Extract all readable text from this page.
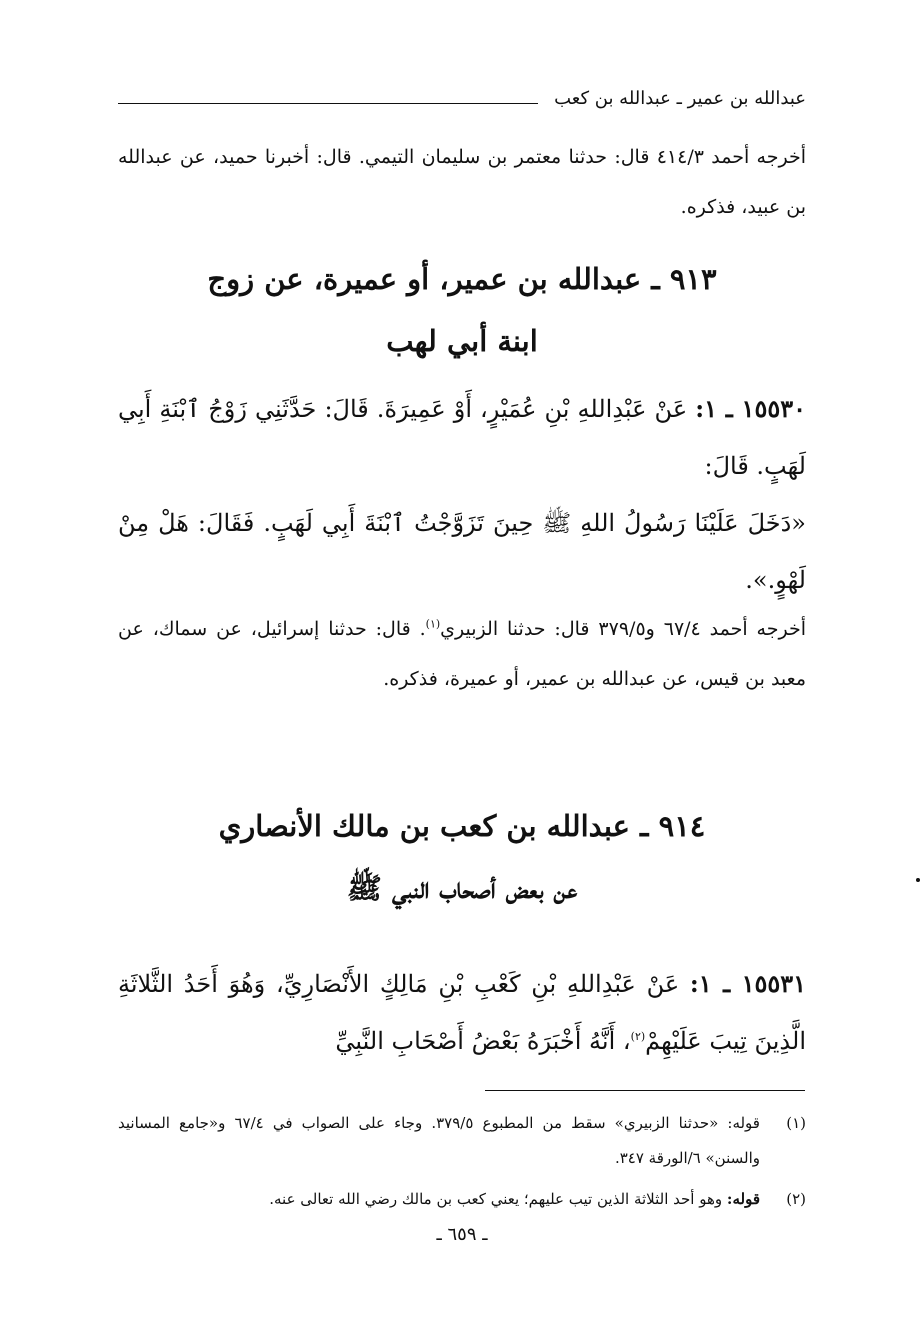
عبدالله بن عمير ـ عبدالله بن كعب

أخرجه أحمد ٤١٤/٣ قال: حدثنا معتمر بن سليمان التيمي. قال: أخبرنا حميد، عن عبدالله بن عبيد، فذكره.

٩١٣ ـ عبدالله بن عمير، أو عميرة، عن زوج
ابنة أبي لهب
١٥٥٣٠ ـ ١: عَنْ عَبْدِاللهِ بْنِ عُمَيْرٍ، أَوْ عَمِيرَةَ. قَالَ: حَدَّثَنِي زَوْجُ ٱبْنَةِ أَبِي لَهَبٍ. قَالَ:
«دَخَلَ عَلَيْنَا رَسُولُ اللهِ ﷺ حِينَ تَزَوَّجْتُ ٱبْنَةَ أَبِي لَهَبٍ. فَقَالَ: هَلْ مِنْ لَهْوٍ.».

أخرجه أحمد ٦٧/٤ و٣٧٩/٥ قال: حدثنا الزبيري$^{(١)}$. قال: حدثنا إسرائيل، عن سماك، عن معبد بن قيس، عن عبدالله بن عمير، أو عميرة، فذكره.

٩١٤ ـ عبدالله بن كعب بن مالك الأنصاري
عن بعض أصحاب النبي ﷺ
١٥٥٣١ ـ ١: عَنْ عَبْدِاللهِ بْنِ كَعْبِ بْنِ مَالِكٍ الأَنْصَارِيِّ، وَهُوَ أَحَدُ الثَّلاثَةِ الَّذِينَ تِيبَ عَلَيْهِمْ$^{(٢)}$، أَنَّهُ أَخْبَرَهُ بَعْضُ أَصْحَابِ النَّبِيِّ
(١)
قوله: «حدثنا الزبيري» سقط من المطبوع ٣٧٩/٥. وجاء على الصواب في ٦٧/٤ و«جامع المسانيد والسنن» ٦/الورقة ٣٤٧.
(٢)
قوله: وهو أحد الثلاثة الذين تيب عليهم؛ يعني كعب بن مالك رضي الله تعالى عنه.
ـ ٦٥٩ ـ
